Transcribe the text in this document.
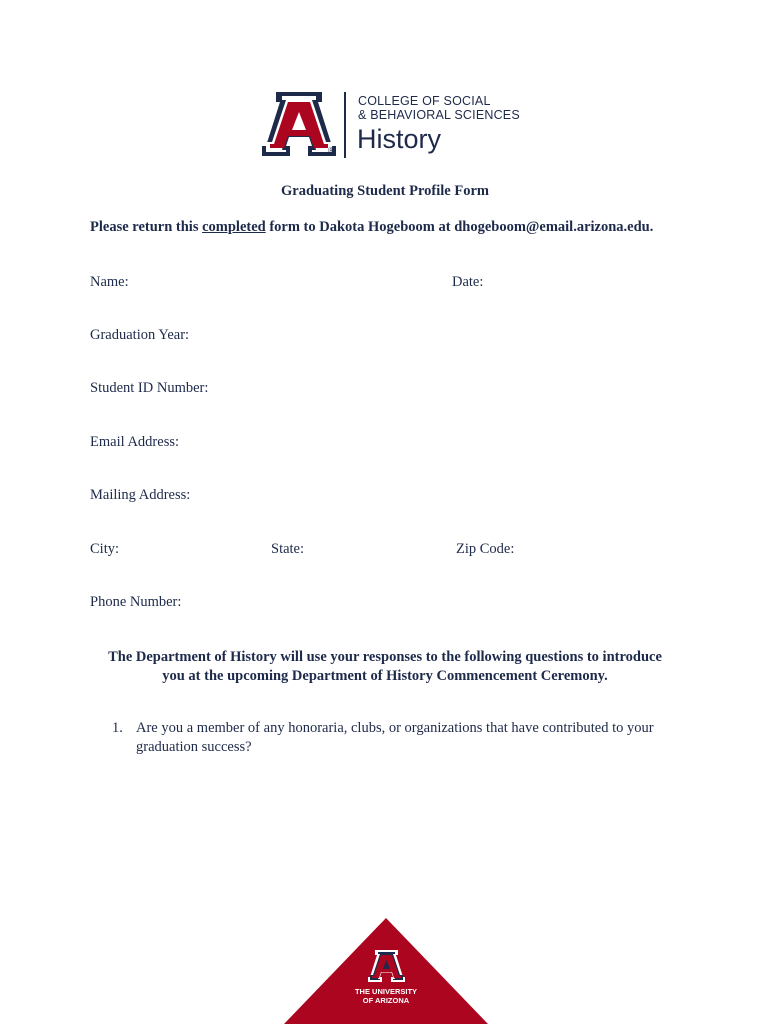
®
COLLEGE OF SOCIAL
& BEHAVIORAL SCIENCES
History
Graduating Student Profile Form
Please return this completed form to Dakota Hogeboom at dhogeboom@email.arizona.edu.
Name:	Date:
Graduation Year:
Student ID Number:
Email Address:
Mailing Address:
City:	State:	Zip Code:
Phone Number:
The Department of History will use your responses to the following questions to introduce
you at the upcoming Department of History Commencement Ceremony.
1. Are you a member of any honoraria, clubs, or organizations that have contributed to your
graduation success?
THE UNIVERSITY
OF ARIZONA
